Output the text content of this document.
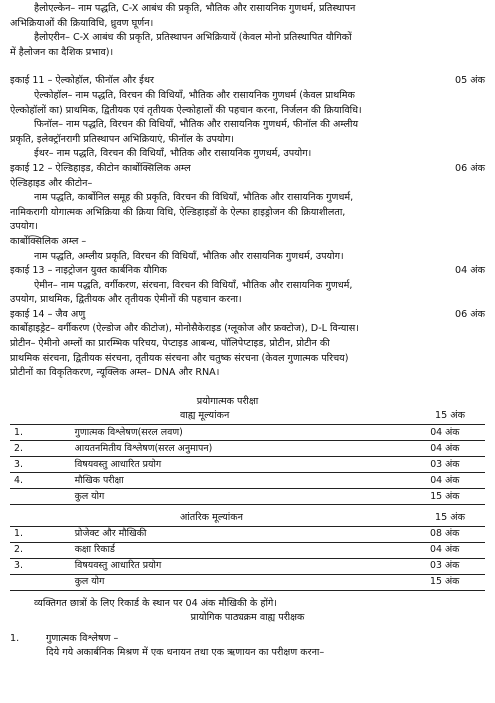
हैलोएल्केन– नाम पद्धति, C-X आबंध की प्रकृति, भौतिक और रासायनिक गुणधर्म, प्रतिस्थापन

अभिक्रियाओं की क्रियाविधि, ध्रुवण घूर्णन।

हैलोएरीन– C-X आबंध की प्रकृति, प्रतिस्थापन अभिक्रियायें (केवल मोनो प्रतिस्थापित यौगिकों

में हैलोजन का दैशिक प्रभाव)।

इकाई 11 – ऐल्कोहॉल, फीनॉल और ईथर	05 अंक

ऐल्कोहॉल– नाम पद्धति, विरचन की विधियाँ, भौतिक और रासायनिक गुणधर्म (केवल प्राथमिक

ऐल्कोहॉलों का) प्राथमिक, द्वितीयक एवं तृतीयक ऐल्कोहालों की पहचान करना, निर्जलन की क्रियाविधि।

फिनॉल– नाम पद्धति, विरचन की विधियाँ, भौतिक और रासायनिक गुणधर्म, फीनॉल की अम्लीय

प्रकृति, इलेक्ट्रॉनरागी प्रतिस्थापन अभिक्रियाएं, फीनॉल के उपयोग।

ईथर– नाम पद्धति, विरचन की विधियाँ, भौतिक और रासायनिक गुणधर्म, उपयोग।

इकाई 12 – ऐल्डिहाइड, कीटोन कार्बोक्सिलिक अम्ल	06 अंक

ऐल्डिहाइड और कीटोन–

नाम पद्धति, कार्बोनिल समूह की प्रकृति, विरचन की विधियाँ, भौतिक और रासायनिक गुणधर्म,

नामिकरागी योगात्मक अभिक्रिया की क्रिया विधि, ऐल्डिहाइडों के ऐल्फा हाइड्रोजन की क्रियाशीलता,

उपयोग।

कार्बोक्सिलिक अम्ल –

नाम पद्धति, अम्लीय प्रकृति, विरचन की विधियाँ, भौतिक और रासायनिक गुणधर्म, उपयोग।

इकाई 13 – नाइट्रोजन युक्त कार्बनिक यौगिक	04 अंक

ऐमीन– नाम पद्धति, वर्गीकरण, संरचना, विरचन की विधियाँ, भौतिक और रासायनिक गुणधर्म,

उपयोग, प्राथमिक, द्वितीयक और तृतीयक ऐमीनों की पहचान करना।

इकाई 14 – जैव अणु	06 अंक

कार्बोहाइड्रेट– वर्गीकरण (ऐल्डोज और कीटोज), मोनोसैकेराइड (ग्लूकोज और फ्रक्टोज), D-L विन्यास।

प्रोटीन– ऐमीनो अम्लों का प्रारम्भिक परिचय, पेप्टाइड आबन्ध, पॉलिपेप्टाइड, प्रोटीन, प्रोटीन की

प्राथमिक संरचना, द्वितीयक संरचना, तृतीयक संरचना और चतुष्क संरचना (केवल गुणात्मक परिचय)

प्रोटीनों का विकृतिकरण, न्यूक्लिक अम्ल– DNA और RNA।

प्रयोगात्मक परीक्षा

वाह्य मूल्यांकन	15 अंक
1.	गुणात्मक विश्लेषण(सरल लवण)	04 अंक
2.	आयतनमितीय विश्लेषण(सरल अनुमापन)	04 अंक
3.	विषयवस्तु आधारित प्रयोग	03 अंक
4.	मौखिक परीक्षा	04 अंक
	कुल योग	15 अंक
आंतरिक मूल्यांकन	15 अंक
1.	प्रोजेक्ट और मौखिकी	08 अंक
2.	कक्षा रिकार्ड	04 अंक
3.	विषयवस्तु आधारित प्रयोग	03 अंक
	कुल योग	15 अंक

व्यक्तिगत छात्रों के लिए रिकार्ड के स्थान पर 04 अंक मौखिकी के होंगे।

प्रायोगिक पाठ्यक्रम वाह्य परीक्षक

1.	गुणात्मक विश्लेषण –

दिये गये अकार्बनिक मिश्रण में एक धनायन तथा एक ऋणायन का परीक्षण करना–
